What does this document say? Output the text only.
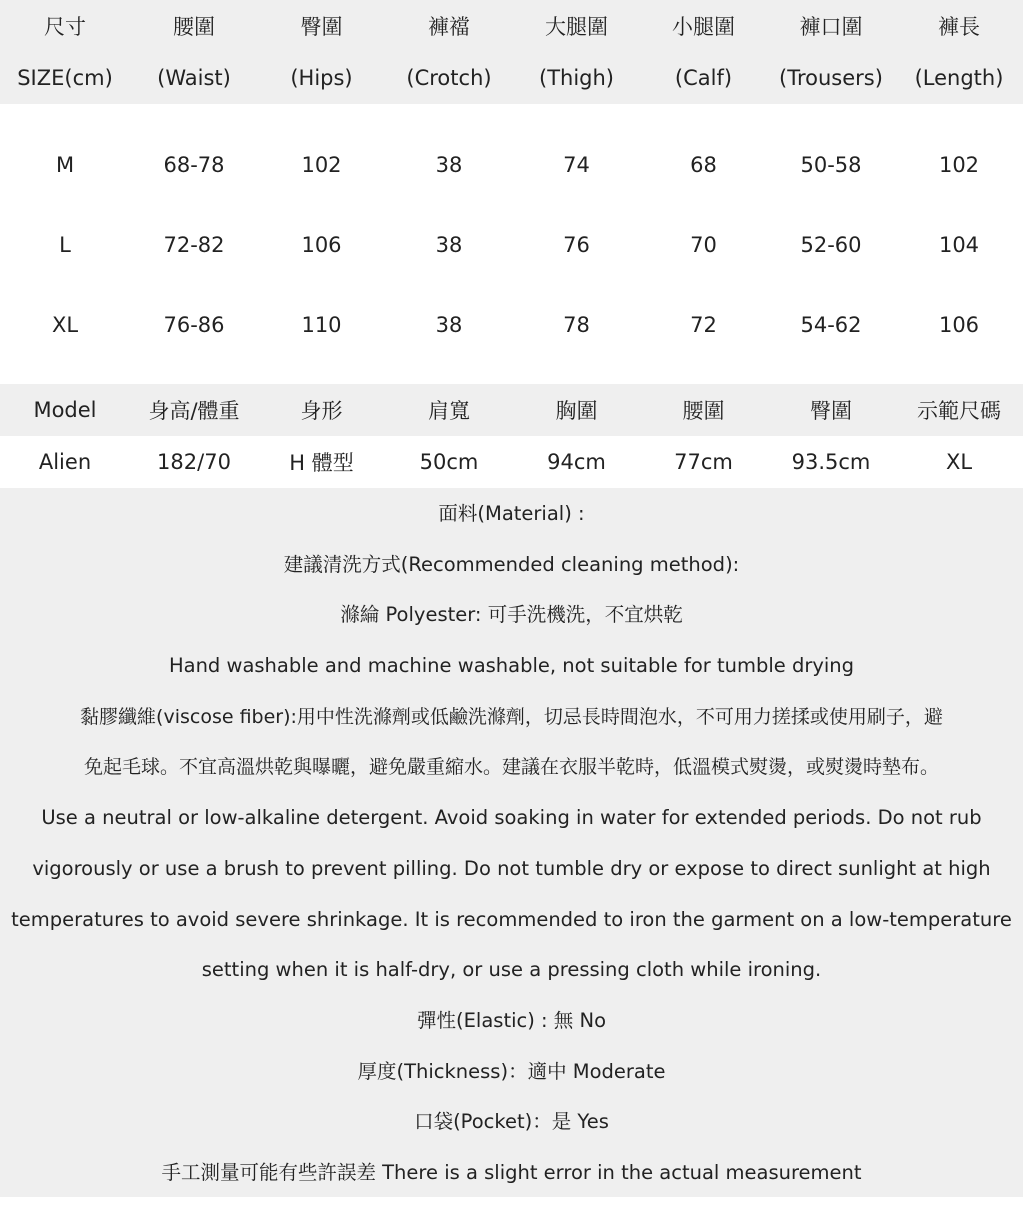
尺寸	腰圍	臀圍	褲襠	大腿圍	小腿圍	褲口圍	褲長
SIZE(cm)	(Waist)	(Hips)	(Crotch)	(Thigh)	(Calf)	(Trousers)	(Length)
M	68-78	102	38	74	68	50-58	102
L	72-82	106	38	76	70	52-60	104
XL	76-86	110	38	78	72	54-62	106
Model	身高/體重	身形	肩寬	胸圍	腰圍	臀圍	示範尺碼
Alien	182/70	H 體型	50cm	94cm	77cm	93.5cm	XL
面料(Material) :
建議清洗方式(Recommended cleaning method):
滌綸 Polyester: 可手洗機洗，不宜烘乾
Hand washable and machine washable, not suitable for tumble drying
黏膠纖維(viscose fiber):用中性洗滌劑或低鹼洗滌劑，切忌長時間泡水，不可用力搓揉或使用刷子，避
免起毛球。不宜高溫烘乾與曝曬，避免嚴重縮水。建議在衣服半乾時，低溫模式熨燙，或熨燙時墊布。
Use a neutral or low-alkaline detergent. Avoid soaking in water for extended periods. Do not rub
vigorously or use a brush to prevent pilling. Do not tumble dry or expose to direct sunlight at high
temperatures to avoid severe shrinkage. It is recommended to iron the garment on a low-temperature
setting when it is half-dry, or use a pressing cloth while ironing.
彈性(Elastic) : 無 No
厚度(Thickness)：適中 Moderate
口袋(Pocket)：是 Yes
手工測量可能有些許誤差 There is a slight error in the actual measurement
